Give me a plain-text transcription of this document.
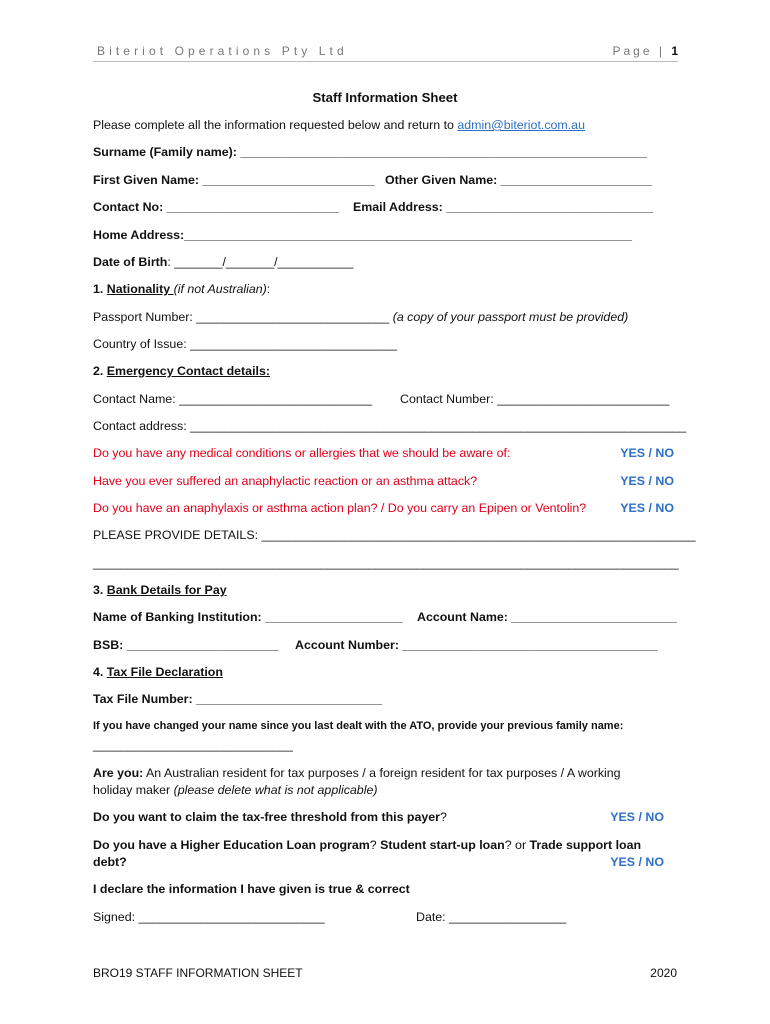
Biteriot Operations Pty Ltd	Page | 1
Staff Information Sheet
Please complete all the information requested below and return to admin@biteriot.com.au
Surname (Family name): ___________________________________________________________
First Given Name: _________________________ Other Given Name: ______________________
Contact No: _________________________ Email Address: ______________________________
Home Address:_________________________________________________________________
Date of Birth: _______/_______/___________
1. Nationality (if not Australian):
Passport Number: ____________________________ (a copy of your passport must be provided)
Country of Issue: ______________________________
2. Emergency Contact details:
Contact Name: ____________________________ Contact Number: _________________________
Contact address: ________________________________________________________________________
Do you have any medical conditions or allergies that we should be aware of:	YES / NO
Have you ever suffered an anaphylactic reaction or an asthma attack?	YES / NO
Do you have an anaphylaxis or asthma action plan? / Do you carry an Epipen or Ventolin?	YES / NO
PLEASE PROVIDE DETAILS: _______________________________________________________________
_____________________________________________________________________________________
3. Bank Details for Pay
Name of Banking Institution: ____________________ Account Name: ________________________
BSB: ______________________ Account Number: _____________________________________
4. Tax File Declaration
Tax File Number: ___________________________
If you have changed your name since you last dealt with the ATO, provide your previous family name:
_____________________________
Are you: An Australian resident for tax purposes / a foreign resident for tax purposes / A working
holiday maker (please delete what is not applicable)
Do you want to claim the tax-free threshold from this payer?	YES / NO
Do you have a Higher Education Loan program? Student start-up loan? or Trade support loan
debt?	YES / NO
I declare the information I have given is true & correct
Signed: ___________________________	Date: _________________
BRO19 STAFF INFORMATION SHEET	2020
